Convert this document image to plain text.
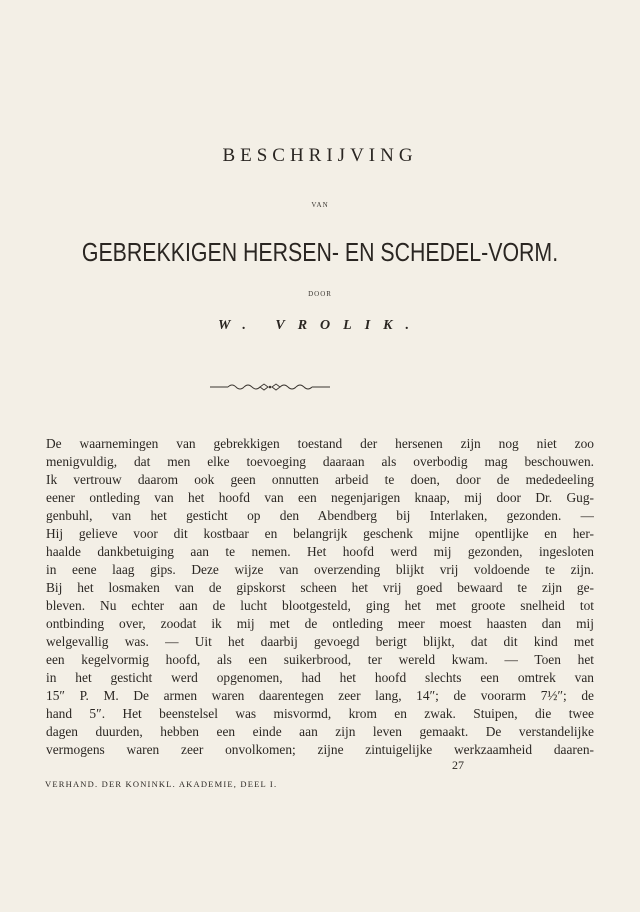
BESCHRIJVING
VAN
GEBREKKIGEN HERSEN- EN SCHEDEL-VORM.
DOOR
W. VROLIK.
De waarnemingen van gebrekkigen toestand der hersenen zijn nog niet zoo
menigvuldig, dat men elke toevoeging daaraan als overbodig mag beschouwen.
Ik vertrouw daarom ook geen onnutten arbeid te doen, door de mededeeling
eener ontleding van het hoofd van een negenjarigen knaap, mij door Dr. Gug-
genbuhl, van het gesticht op den Abendberg bij Interlaken, gezonden. —
Hij gelieve voor dit kostbaar en belangrijk geschenk mijne opentlijke en her-
haalde dankbetuiging aan te nemen. Het hoofd werd mij gezonden, ingesloten
in eene laag gips. Deze wijze van overzending blijkt vrij voldoende te zijn.
Bij het losmaken van de gipskorst scheen het vrij goed bewaard te zijn ge-
bleven. Nu echter aan de lucht blootgesteld, ging het met groote snelheid tot
ontbinding over, zoodat ik mij met de ontleding meer moest haasten dan mij
welgevallig was. — Uit het daarbij gevoegd berigt blijkt, dat dit kind met
een kegelvormig hoofd, als een suikerbrood, ter wereld kwam. — Toen het
in het gesticht werd opgenomen, had het hoofd slechts een omtrek van
15″ P. M. De armen waren daarentegen zeer lang, 14″; de voorarm 7½″; de
hand 5″. Het beenstelsel was misvormd, krom en zwak. Stuipen, die twee
dagen duurden, hebben een einde aan zijn leven gemaakt. De verstandelijke
vermogens waren zeer onvolkomen; zijne zintuigelijke werkzaamheid daaren-
27
VERHAND. DER KONINKL. AKADEMIE, DEEL I.
